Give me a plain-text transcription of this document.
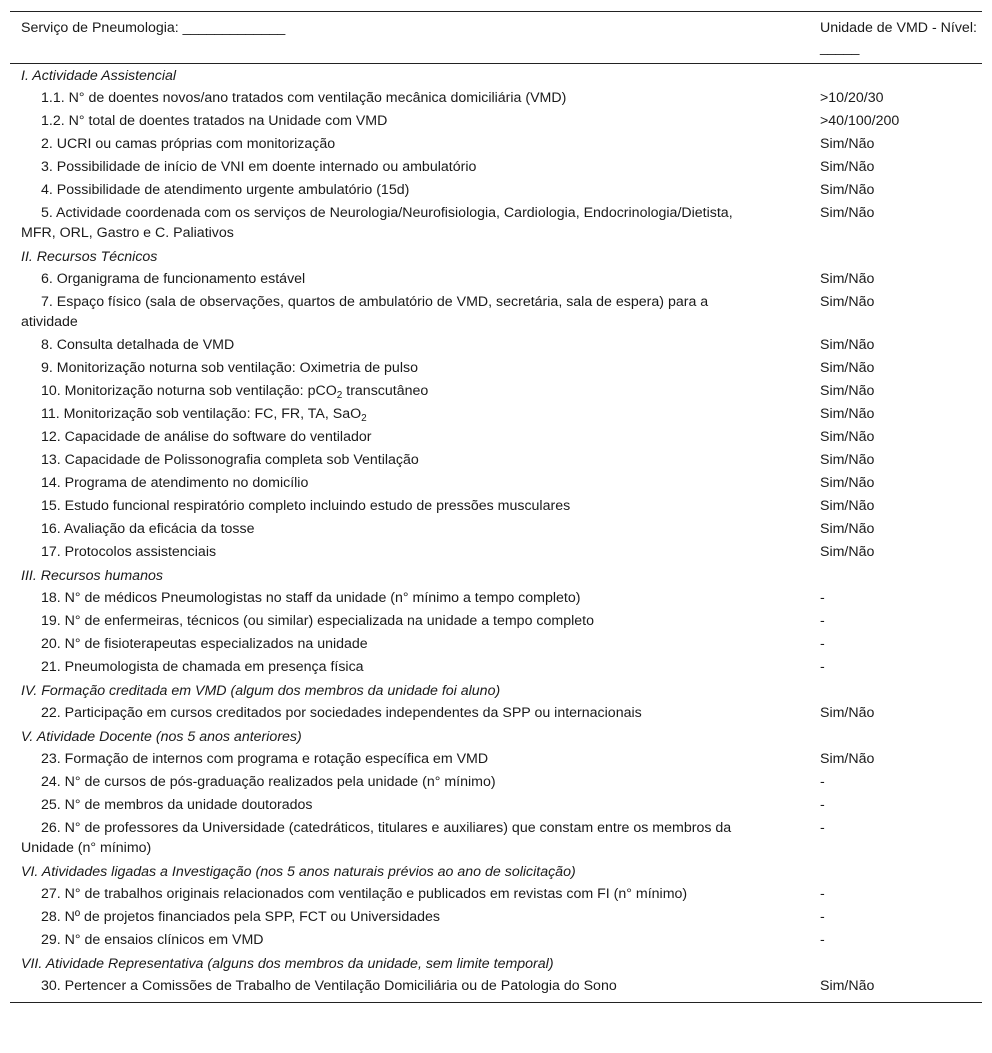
Serviço de Pneumologia: _____________	Unidade de VMD - Nível: _____
I. Actividade Assistencial	
1.1. N° de doentes novos/ano tratados com ventilação mecânica domiciliária (VMD)	>10/20/30
1.2. N° total de doentes tratados na Unidade com VMD	>40/100/200
2. UCRI ou camas próprias com monitorização	Sim/Não
3. Possibilidade de início de VNI em doente internado ou ambulatório	Sim/Não
4. Possibilidade de atendimento urgente ambulatório (15d)	Sim/Não
5. Actividade coordenada com os serviços de Neurologia/Neurofisiologia, Cardiologia, Endocrinologia/Dietista, MFR, ORL, Gastro e C. Paliativos	Sim/Não
II. Recursos Técnicos	
6. Organigrama de funcionamento estável	Sim/Não
7. Espaço físico (sala de observações, quartos de ambulatório de VMD, secretária, sala de espera) para a atividade	Sim/Não
8. Consulta detalhada de VMD	Sim/Não
9. Monitorização noturna sob ventilação: Oximetria de pulso	Sim/Não
10. Monitorização noturna sob ventilação: pCO$_2$ transcutâneo	Sim/Não
11. Monitorização sob ventilação: FC, FR, TA, SaO$_2$	Sim/Não
12. Capacidade de análise do software do ventilador	Sim/Não
13. Capacidade de Polissonografia completa sob Ventilação	Sim/Não
14. Programa de atendimento no domicílio	Sim/Não
15. Estudo funcional respiratório completo incluindo estudo de pressões musculares	Sim/Não
16. Avaliação da eficácia da tosse	Sim/Não
17. Protocolos assistenciais	Sim/Não
III. Recursos humanos	
18. N° de médicos Pneumologistas no staff da unidade (n° mínimo a tempo completo)	-
19. N° de enfermeiras, técnicos (ou similar) especializada na unidade a tempo completo	-
20. N° de fisioterapeutas especializados na unidade	-
21. Pneumologista de chamada em presença física	-
IV. Formação creditada em VMD (algum dos membros da unidade foi aluno)	
22. Participação em cursos creditados por sociedades independentes da SPP ou internacionais	Sim/Não
V. Atividade Docente (nos 5 anos anteriores)	
23. Formação de internos com programa e rotação específica em VMD	Sim/Não
24. N° de cursos de pós-graduação realizados pela unidade (n° mínimo)	-
25. N° de membros da unidade doutorados	-
26. N° de professores da Universidade (catedráticos, titulares e auxiliares) que constam entre os membros da Unidade (n° mínimo)	-
VI. Atividades ligadas a Investigação (nos 5 anos naturais prévios ao ano de solicitação)	
27. N° de trabalhos originais relacionados com ventilação e publicados em revistas com FI (n° mínimo)	-
28. Nº de projetos financiados pela SPP, FCT ou Universidades	-
29. N° de ensaios clínicos em VMD	-
VII. Atividade Representativa (alguns dos membros da unidade, sem limite temporal)	
30. Pertencer a Comissões de Trabalho de Ventilação Domiciliária ou de Patologia do Sono	Sim/Não
